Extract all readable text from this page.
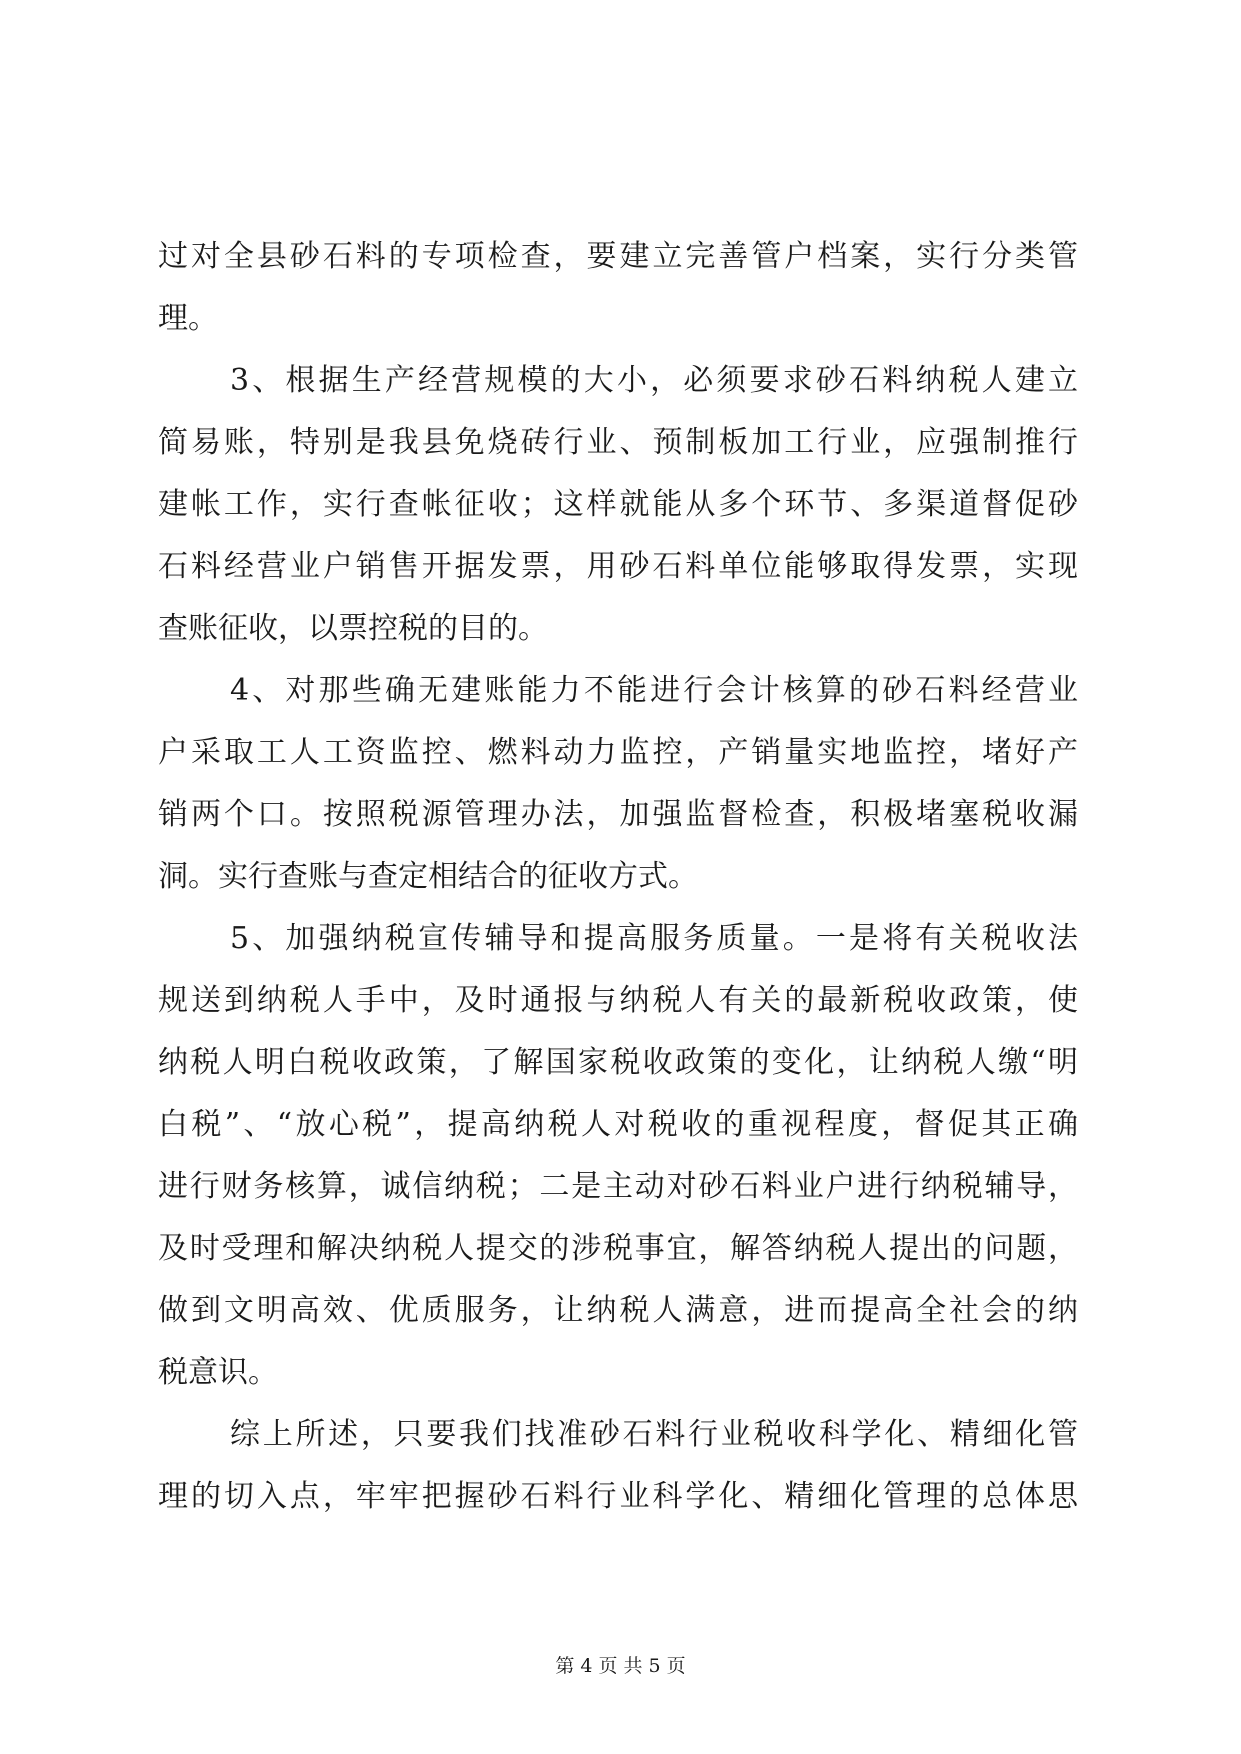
过对全县砂石料的专项检查，要建立完善管户档案，实行分类管
理。
3、根据生产经营规模的大小，必须要求砂石料纳税人建立
简易账，特别是我县免烧砖行业、预制板加工行业，应强制推行
建帐工作，实行查帐征收；这样就能从多个环节、多渠道督促砂
石料经营业户销售开据发票，用砂石料单位能够取得发票，实现
查账征收，以票控税的目的。
4、对那些确无建账能力不能进行会计核算的砂石料经营业
户采取工人工资监控、燃料动力监控，产销量实地监控，堵好产
销两个口。按照税源管理办法，加强监督检查，积极堵塞税收漏
洞。实行查账与查定相结合的征收方式。
5、加强纳税宣传辅导和提高服务质量。一是将有关税收法
规送到纳税人手中，及时通报与纳税人有关的最新税收政策，使
纳税人明白税收政策，了解国家税收政策的变化，让纳税人缴“明
白税”、“放心税”，提高纳税人对税收的重视程度，督促其正确
进行财务核算，诚信纳税；二是主动对砂石料业户进行纳税辅导，
及时受理和解决纳税人提交的涉税事宜，解答纳税人提出的问题，
做到文明高效、优质服务，让纳税人满意，进而提高全社会的纳
税意识。
综上所述，只要我们找准砂石料行业税收科学化、精细化管
理的切入点，牢牢把握砂石料行业科学化、精细化管理的总体思
第 4 页 共 5 页
